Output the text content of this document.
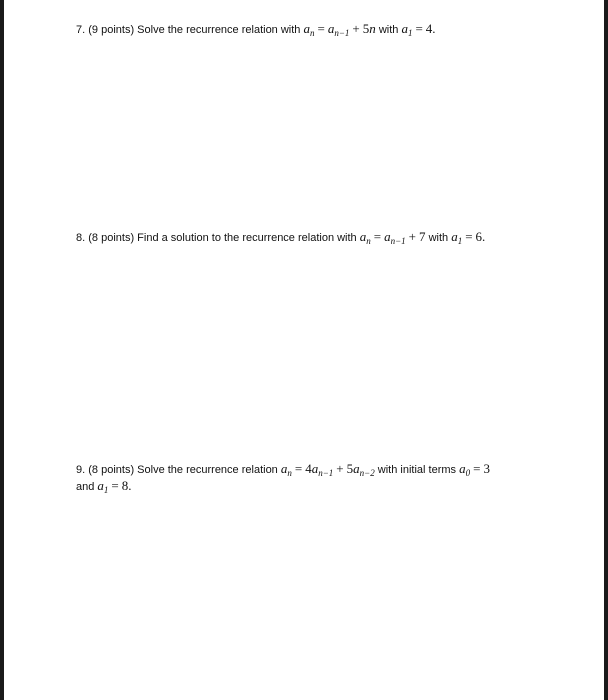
7. (9 points) Solve the recurrence relation with $a_n = a_{n-1} + 5n$ with $a_1 = 4$.
8. (8 points) Find a solution to the recurrence relation with $a_n = a_{n-1} + 7$ with $a_1 = 6$.
9. (8 points) Solve the recurrence relation $a_n = 4a_{n-1} + 5a_{n-2}$ with initial terms $a_0 = 3$
and $a_1 = 8$.
